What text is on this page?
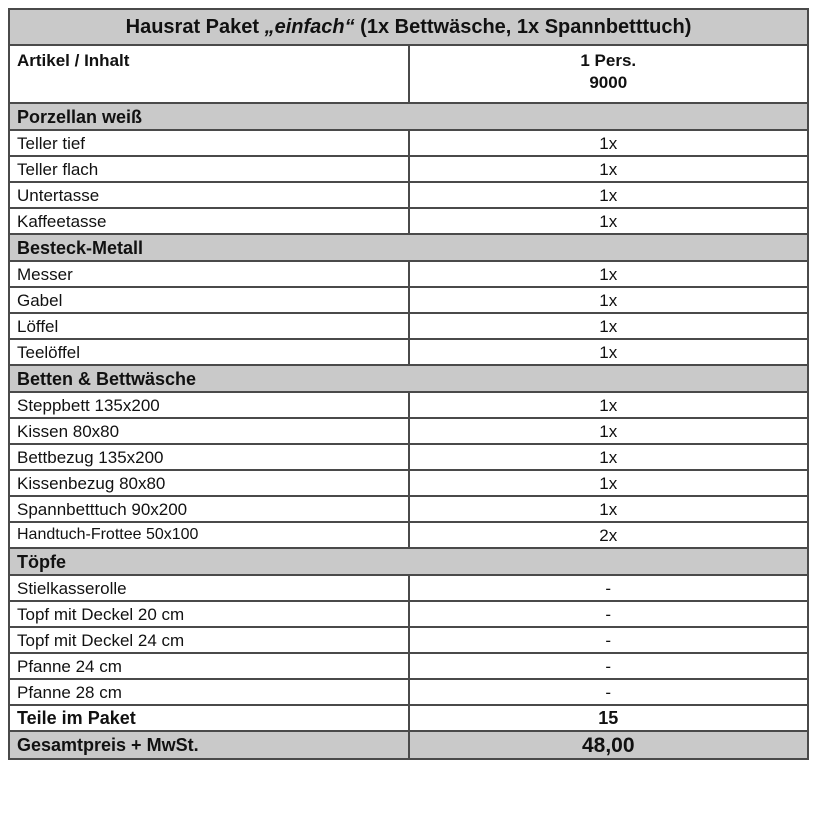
Hausrat Paket „einfach“ (1x Bettwäsche, 1x Spannbetttuch)	
Artikel / Inhalt	1 Pers.
9000

Porzellan weiß	
Teller tief	1x
Teller flach	1x
Untertasse	1x
Kaffeetasse	1x
Besteck-Metall	
Messer	1x
Gabel	1x
Löffel	1x
Teelöffel	1x
Betten & Bettwäsche	
Steppbett 135x200	1x
Kissen 80x80	1x
Bettbezug 135x200	1x
Kissenbezug 80x80	1x
Spannbetttuch 90x200	1x
Handtuch-Frottee 50x100	2x
Töpfe	
Stielkasserolle	-
Topf mit Deckel 20 cm	-
Topf mit Deckel 24 cm	-
Pfanne 24 cm	-
Pfanne 28 cm	-
Teile im Paket	15
Gesamtpreis + MwSt.	48,00
